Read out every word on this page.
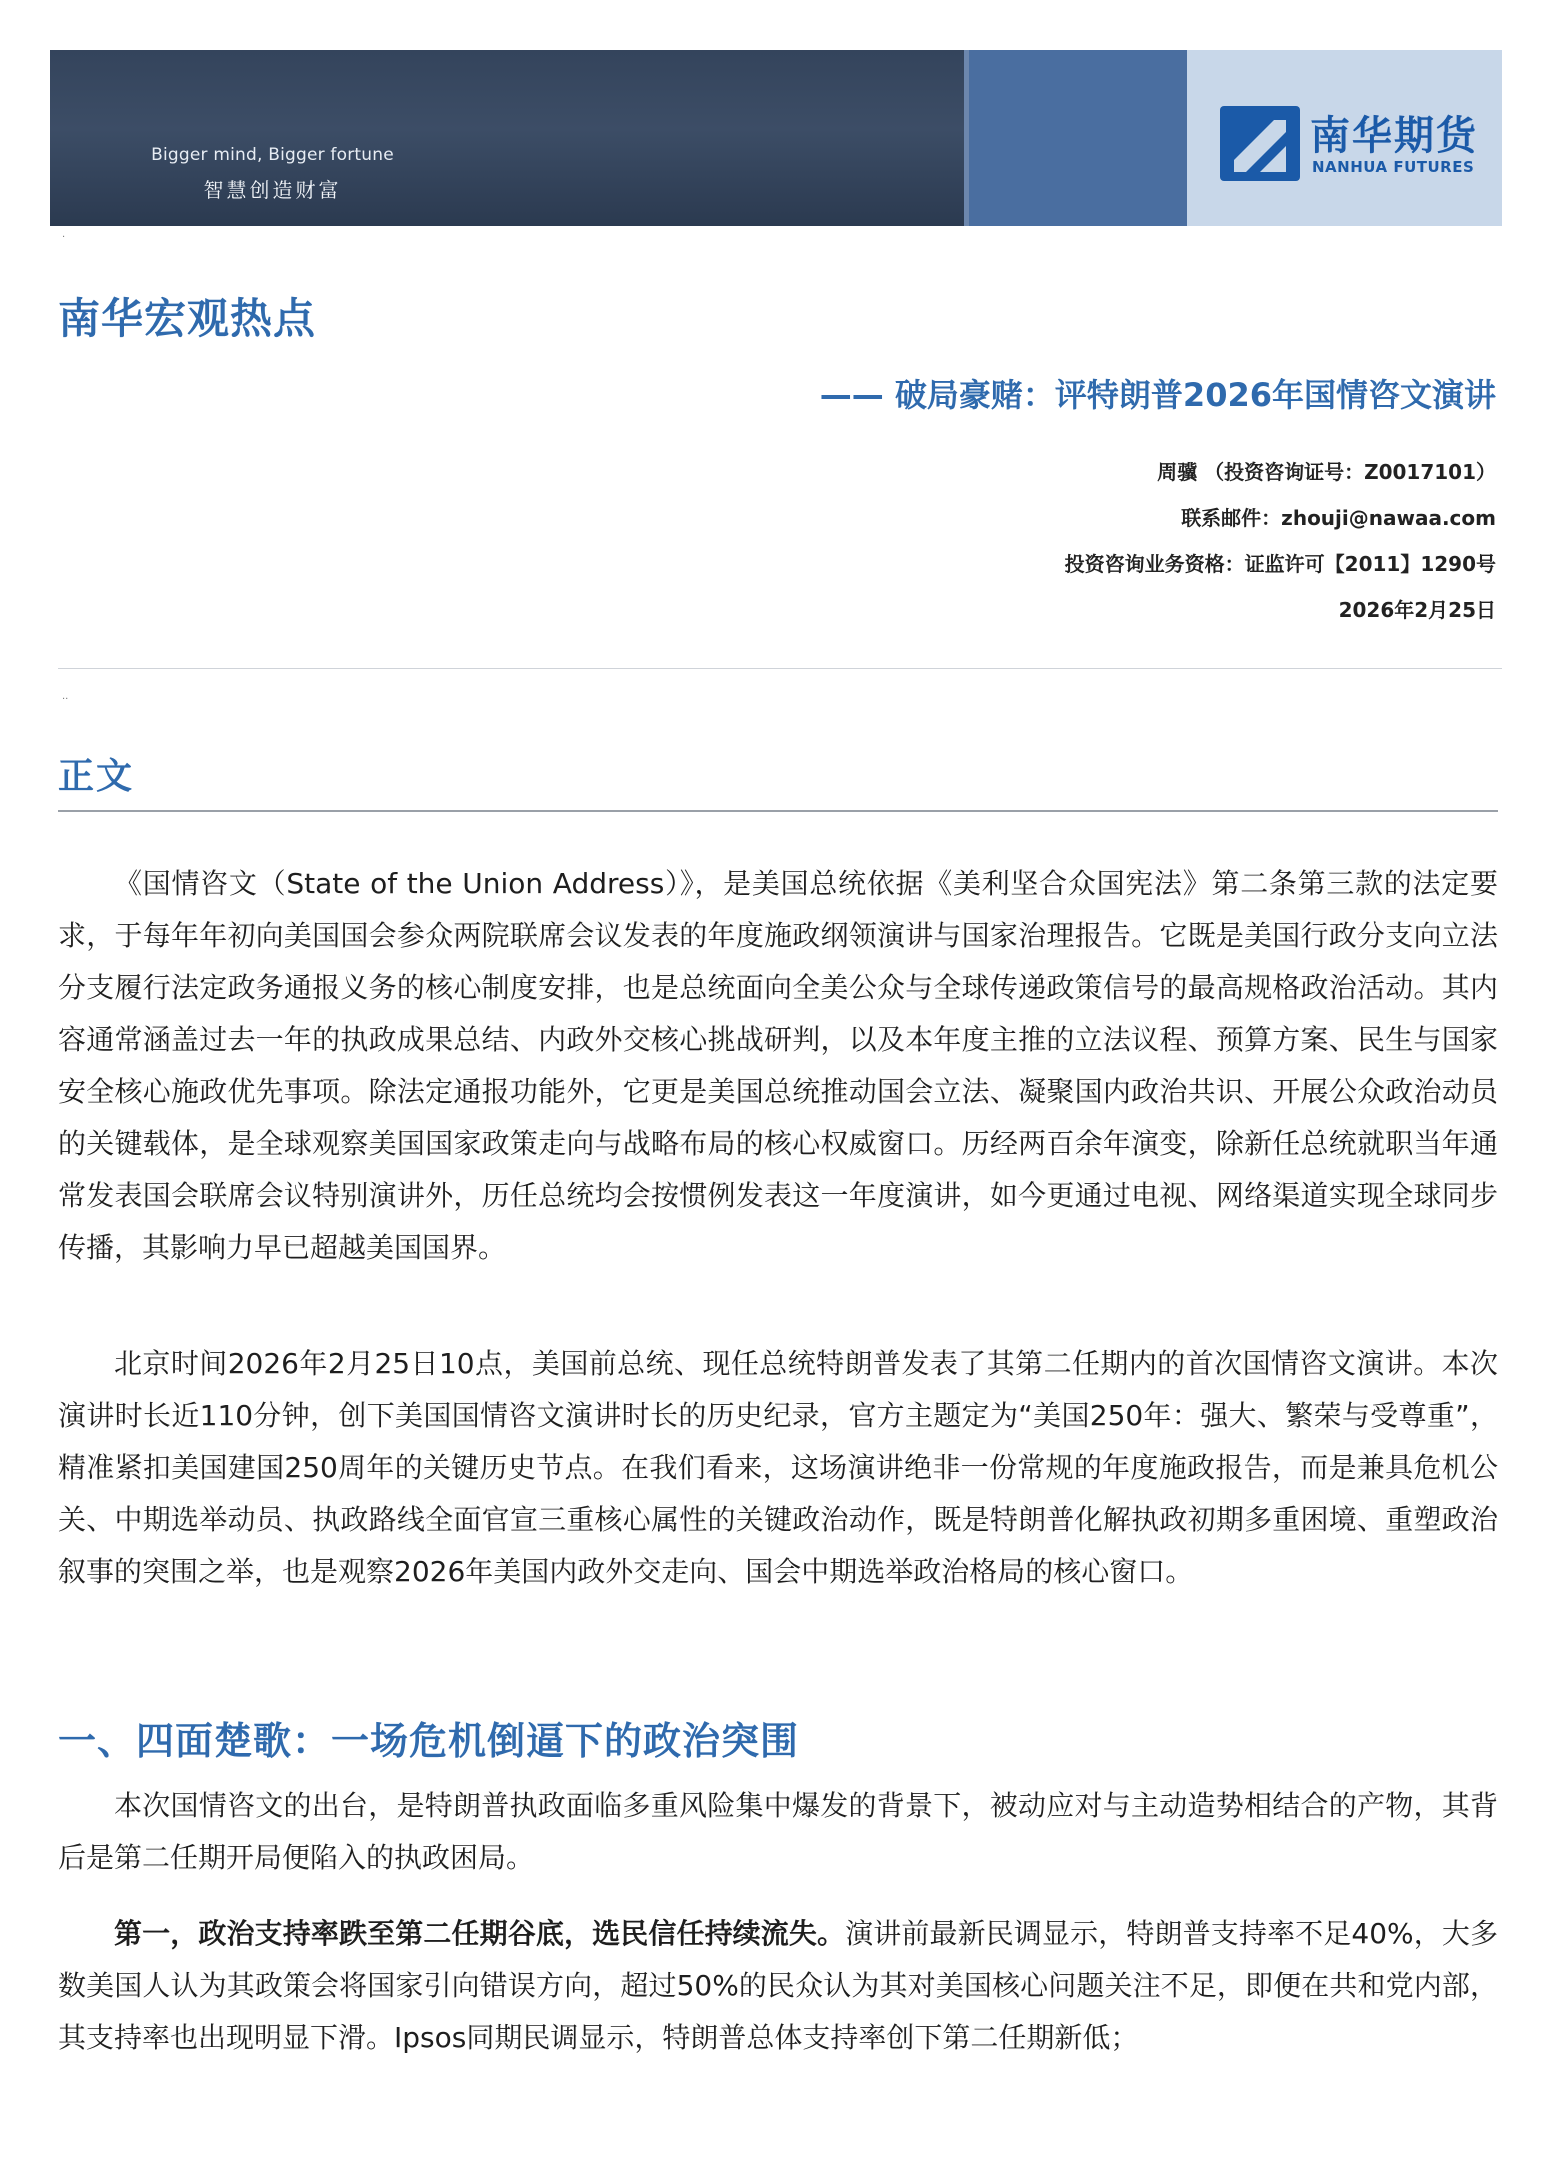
Bigger mind, Bigger fortune
智慧创造财富
南华期货
NANHUA FUTURES
·
南华宏观热点
—— 破局豪赌：评特朗普2026年国情咨文演讲
周骥 （投资咨询证号：Z0017101）
联系邮件：zhouji@nawaa.com
投资咨询业务资格：证监许可【2011】1290号
2026年2月25日
··
正文

《国情咨文（State of the Union Address）》，是美国总统依据《美利坚合众国宪法》第二条第三款的法定要求，于每年年初向美国国会参众两院联席会议发表的年度施政纲领演讲与国家治理报告。它既是美国行政分支向立法分支履行法定政务通报义务的核心制度安排，也是总统面向全美公众与全球传递政策信号的最高规格政治活动。其内容通常涵盖过去一年的执政成果总结、内政外交核心挑战研判，以及本年度主推的立法议程、预算方案、民生与国家安全核心施政优先事项。除法定通报功能外，它更是美国总统推动国会立法、凝聚国内政治共识、开展公众政治动员的关键载体，是全球观察美国国家政策走向与战略布局的核心权威窗口。历经两百余年演变，除新任总统就职当年通常发表国会联席会议特别演讲外，历任总统均会按惯例发表这一年度演讲，如今更通过电视、网络渠道实现全球同步传播，其影响力早已超越美国国界。

北京时间2026年2月25日10点，美国前总统、现任总统特朗普发表了其第二任期内的首次国情咨文演讲。本次演讲时长近110分钟，创下美国国情咨文演讲时长的历史纪录，官方主题定为“美国250年：强大、繁荣与受尊重”，精准紧扣美国建国250周年的关键历史节点。在我们看来，这场演讲绝非一份常规的年度施政报告，而是兼具危机公关、中期选举动员、执政路线全面官宣三重核心属性的关键政治动作，既是特朗普化解执政初期多重困境、重塑政治叙事的突围之举，也是观察2026年美国内政外交走向、国会中期选举政治格局的核心窗口。

一、四面楚歌：一场危机倒逼下的政治突围

本次国情咨文的出台，是特朗普执政面临多重风险集中爆发的背景下，被动应对与主动造势相结合的产物，其背后是第二任期开局便陷入的执政困局。

第一，政治支持率跌至第二任期谷底，选民信任持续流失。演讲前最新民调显示，特朗普支持率不足40%，大多数美国人认为其政策会将国家引向错误方向，超过50%的民众认为其对美国核心问题关注不足，即便在共和党内部，其支持率也出现明显下滑。Ipsos同期民调显示，特朗普总体支持率创下第二任期新低；
